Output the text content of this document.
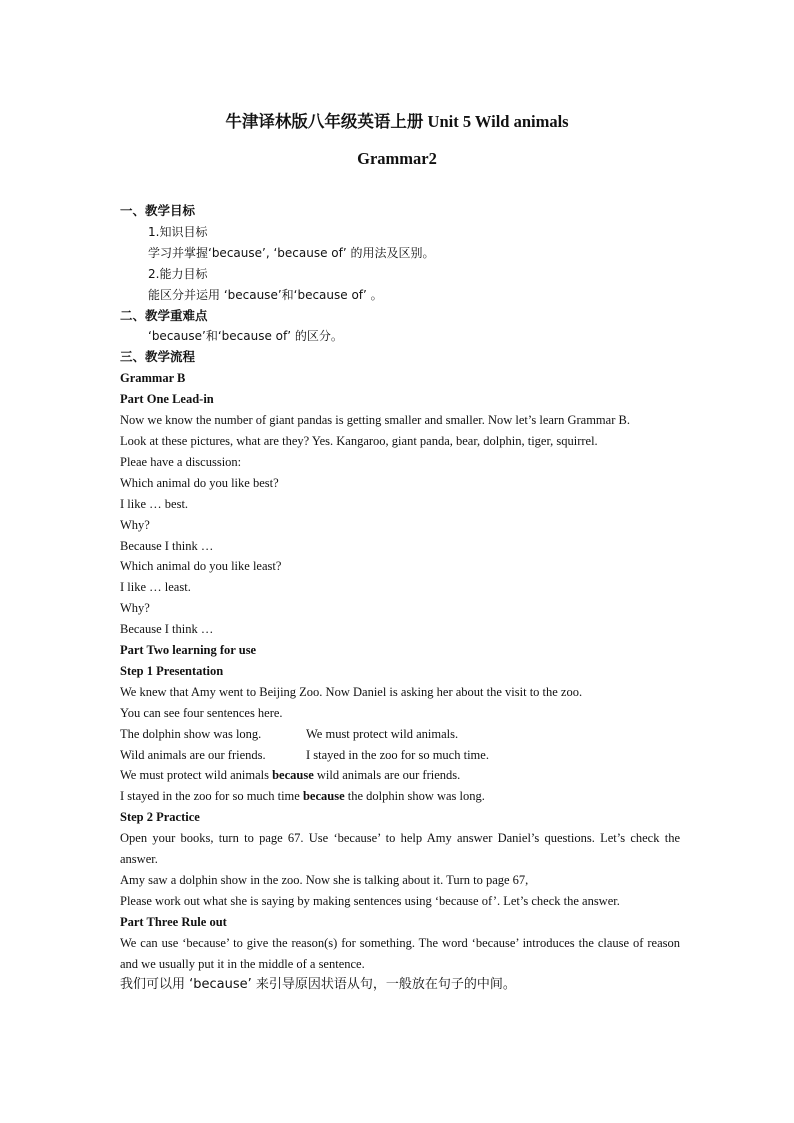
牛津译林版八年级英语上册 Unit 5 Wild animals
Grammar2
一、教学目标
1.知识目标
学习并掌握‘because’, ‘because of’ 的用法及区别。
2.能力目标
能区分并运用 ‘because’和‘because of’ 。
二、教学重难点
‘because’和‘because of’ 的区分。
三、教学流程
Grammar B
Part One Lead-in
Now we know the number of giant pandas is getting smaller and smaller. Now let’s learn Grammar B.
Look at these pictures, what are they? Yes. Kangaroo, giant panda, bear, dolphin, tiger, squirrel.
Pleae have a discussion:
Which animal do you like best?
I like … best.
Why?
Because I think …
Which animal do you like least?
I like … least.
Why?
Because I think …
Part Two learning for use
Step 1 Presentation
We knew that Amy went to Beijing Zoo. Now Daniel is asking her about the visit to the zoo.
You can see four sentences here.
The dolphin show was long.	We must protect wild animals.
Wild animals are our friends.	I stayed in the zoo for so much time.
We must protect wild animals because wild animals are our friends.
I stayed in the zoo for so much time because the dolphin show was long.
Step 2 Practice
Open your books, turn to page 67. Use ‘because’ to help Amy answer Daniel’s questions. Let’s check the answer.
Amy saw a dolphin show in the zoo. Now she is talking about it. Turn to page 67,
Please work out what she is saying by making sentences using ‘because of’. Let’s check the answer.
Part Three Rule out
We can use ‘because’ to give the reason(s) for something. The word ‘because’ introduces the clause of reason and we usually put it in the middle of a sentence.
我们可以用 ‘because’ 来引导原因状语从句，一般放在句子的中间。
